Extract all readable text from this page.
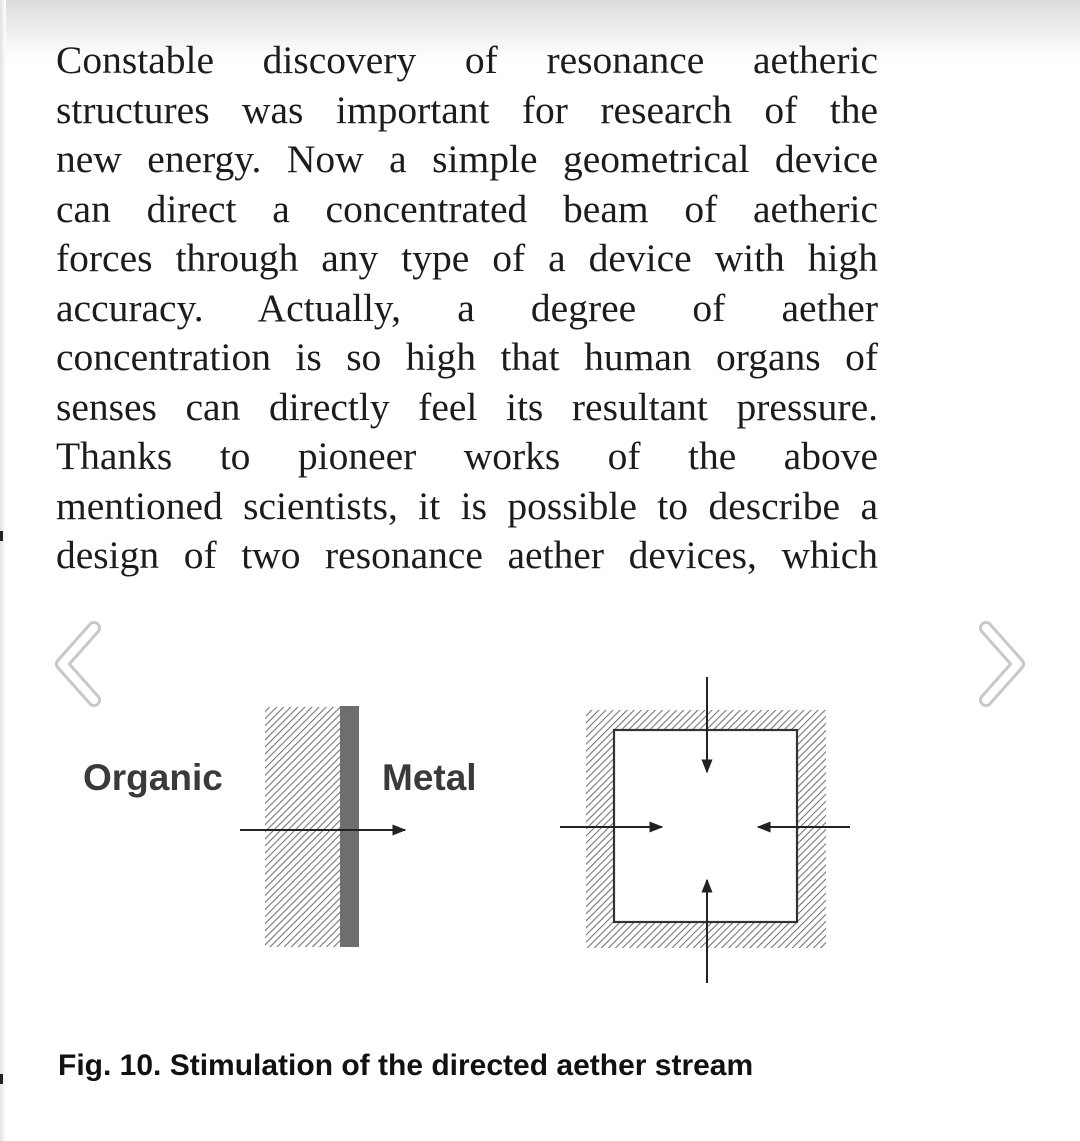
Constable discovery of resonance aetheric
structures was important for research of the
new energy. Now a simple geometrical device
can direct a concentrated beam of aetheric
forces through any type of a device with high
accuracy. Actually, a degree of aether
concentration is so high that human organs of
senses can directly feel its resultant pressure.
Thanks to pioneer works of the above
mentioned scientists, it is possible to describe a
design of two resonance aether devices, which
Organic	Metal

Fig. 10. Stimulation of the directed aether stream
